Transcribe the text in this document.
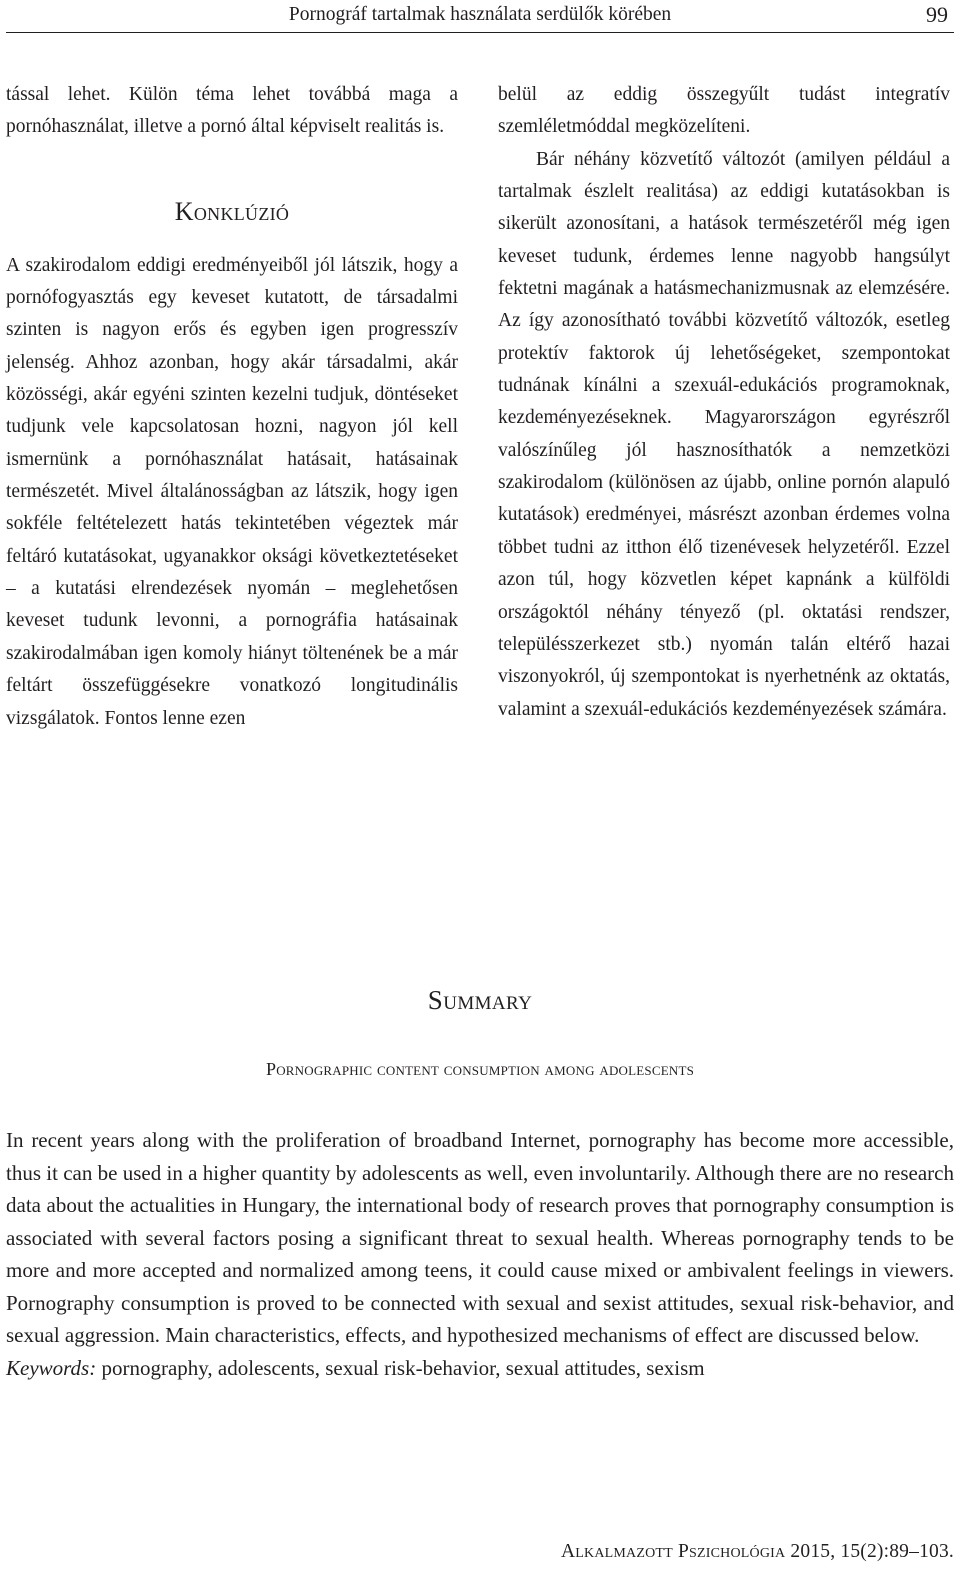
Pornográf tartalmak használata serdülők körében	99

tással lehet. Külön téma lehet továbbá maga a pornóhasználat, illetve a pornó által képviselt realitás is.

Konklúzió

A szakirodalom eddigi eredményeiből jól látszik, hogy a pornófogyasztás egy keveset kutatott, de társadalmi szinten is nagyon erős és egyben igen progresszív jelenség. Ahhoz azonban, hogy akár társadalmi, akár közösségi, akár egyéni szinten kezelni tudjuk, döntéseket tudjunk vele kapcsolatosan hozni, nagyon jól kell ismernünk a pornóhasználat hatásait, hatásainak természetét. Mivel általánosságban az látszik, hogy igen sokféle feltételezett hatás tekintetében végeztek már feltáró kutatásokat, ugyanakkor oksági következtetéseket – a kutatási elrendezések nyomán – meglehetősen keveset tudunk levonni, a pornográfia hatásainak szakirodalmában igen komoly hiányt töltenének be a már feltárt összefüggésekre vonatkozó longitudinális vizsgálatok. Fontos lenne ezen

belül az eddig összegyűlt tudást integratív szemléletmóddal megközelíteni.

Bár néhány közvetítő változót (amilyen például a tartalmak észlelt realitása) az eddigi kutatásokban is sikerült azonosítani, a hatások természetéről még igen keveset tudunk, érdemes lenne nagyobb hangsúlyt fektetni magának a hatásmechanizmusnak az elemzésére. Az így azonosítható további közvetítő változók, esetleg protektív faktorok új lehetőségeket, szempontokat tudnának kínálni a szexuál-edukációs programoknak, kezdeményezéseknek. Magyarországon egyrészről valószínűleg jól hasznosíthatók a nemzetközi szakirodalom (különösen az újabb, online pornón alapuló kutatások) eredményei, másrészt azonban érdemes volna többet tudni az itthon élő tizenévesek helyzetéről. Ezzel azon túl, hogy közvetlen képet kapnánk a külföldi országoktól néhány tényező (pl. oktatási rendszer, településszerkezet stb.) nyomán talán eltérő hazai viszonyokról, új szempontokat is nyerhetnénk az oktatás, valamint a szexuál-edukációs kezdeményezések számára.

Summary
Pornographic content consumption among adolescents

In recent years along with the proliferation of broadband Internet, pornography has become more accessible, thus it can be used in a higher quantity by adolescents as well, even involuntarily. Although there are no research data about the actualities in Hungary, the international body of research proves that pornography consumption is associated with several factors posing a significant threat to sexual health. Whereas pornography tends to be more and more accepted and normalized among teens, it could cause mixed or ambivalent feelings in viewers. Pornography consumption is proved to be connected with sexual and sexist attitudes, sexual risk-behavior, and sexual aggression. Main characteristics, effects, and hypothesized mechanisms of effect are discussed below.

Keywords: pornography, adolescents, sexual risk-behavior, sexual attitudes, sexism

Alkalmazott Pszichológia 2015, 15(2):89–103.
